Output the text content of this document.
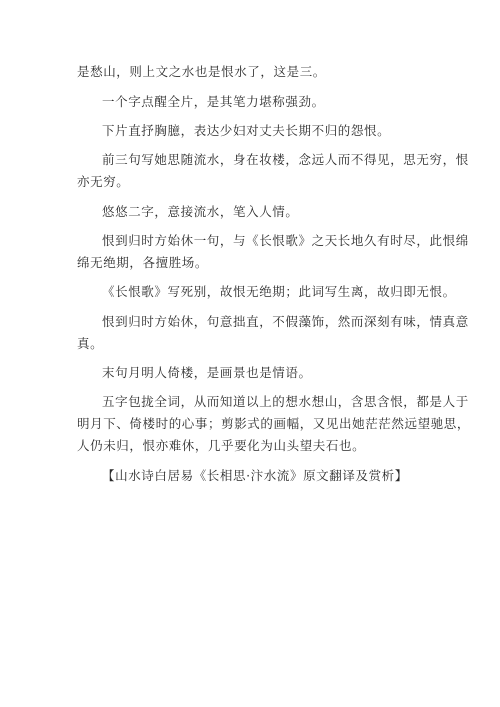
是愁山，则上文之水也是恨水了，这是三。
一个字点醒全片，是其笔力堪称强劲。
下片直抒胸臆，表达少妇对丈夫长期不归的怨恨。
前三句写她思随流水，身在妆楼，念远人而不得见，思无穷，恨
亦无穷。
悠悠二字，意接流水，笔入人情。
恨到归时方始休一句，与《长恨歌》之天长地久有时尽，此恨绵
绵无绝期，各擅胜场。
《长恨歌》写死别，故恨无绝期；此词写生离，故归即无恨。
恨到归时方始休，句意拙直，不假藻饰，然而深刻有味，情真意
真。
末句月明人倚楼，是画景也是情语。
五字包拢全词，从而知道以上的想水想山，含思含恨，都是人于
明月下、倚楼时的心事；剪影式的画幅，又见出她茫茫然远望驰思，
人仍未归，恨亦难休，几乎要化为山头望夫石也。
【山水诗白居易《长相思·汴水流》原文翻译及赏析】
